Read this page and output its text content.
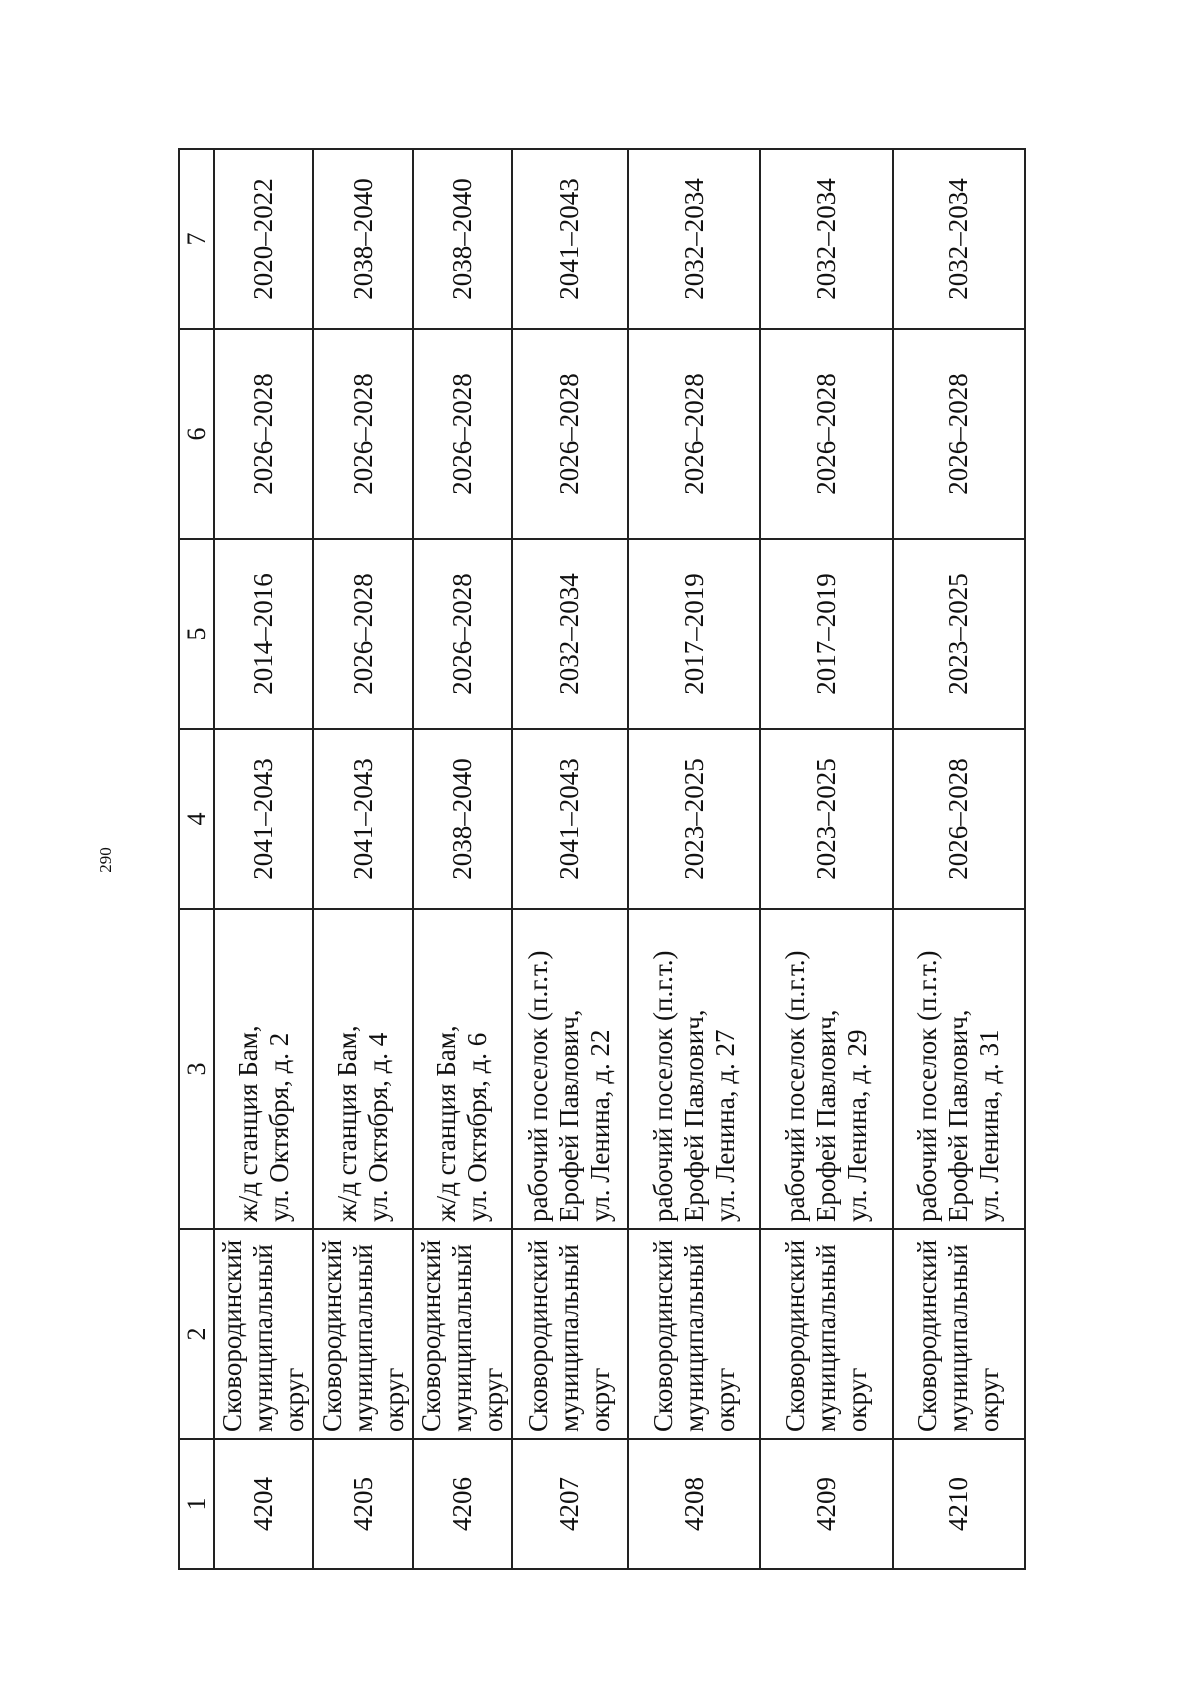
290
1	2	3	4	5	6	7
4204	Сковородинский муниципальный округ	ж/д станция Бам, ул. Октября, д. 2	2041–2043	2014–2016	2026–2028	2020–2022
4205	Сковородинский муниципальный округ	ж/д станция Бам, ул. Октября, д. 4	2041–2043	2026–2028	2026–2028	2038–2040
4206	Сковородинский муниципальный округ	ж/д станция Бам, ул. Октября, д. 6	2038–2040	2026–2028	2026–2028	2038–2040
4207	Сковородинский муниципальный округ	рабочий поселок (п.г.т.) Ерофей Павлович, ул. Ленина, д. 22	2041–2043	2032–2034	2026–2028	2041–2043
4208	Сковородинский муниципальный округ	рабочий поселок (п.г.т.) Ерофей Павлович, ул. Ленина, д. 27	2023–2025	2017–2019	2026–2028	2032–2034
4209	Сковородинский муниципальный округ	рабочий поселок (п.г.т.) Ерофей Павлович, ул. Ленина, д. 29	2023–2025	2017–2019	2026–2028	2032–2034
4210	Сковородинский муниципальный округ	рабочий поселок (п.г.т.) Ерофей Павлович, ул. Ленина, д. 31	2026–2028	2023–2025	2026–2028	2032–2034
